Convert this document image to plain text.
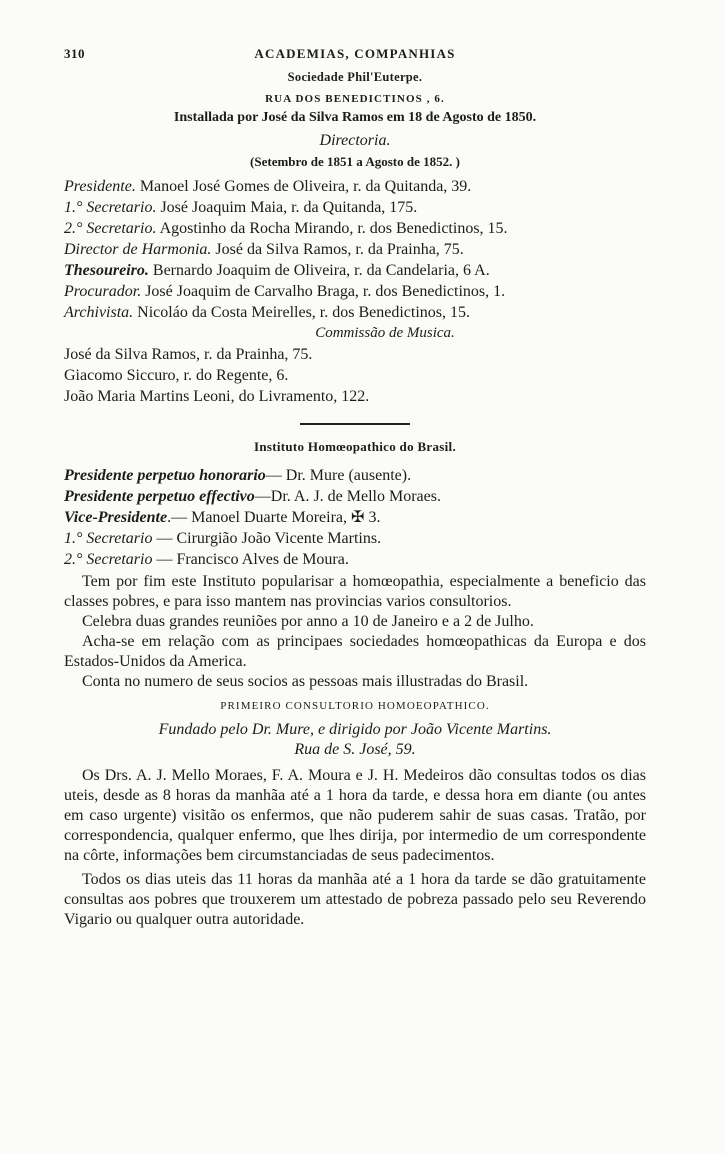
310	ACADEMIAS, COMPANHIAS
Sociedade Phil'Euterpe.
RUA DOS BENEDICTINOS , 6.
Installada por José da Silva Ramos em 18 de Agosto de 1850.
Directoria.
(Setembro de 1851 a Agosto de 1852. )
Presidente. Manoel José Gomes de Oliveira, r. da Quitanda, 39.
1.° Secretario. José Joaquim Maia, r. da Quitanda, 175.
2.° Secretario. Agostinho da Rocha Mirando, r. dos Benedictinos, 15.
Director de Harmonia. José da Silva Ramos, r. da Prainha, 75.
Thesoureiro. Bernardo Joaquim de Oliveira, r. da Candelaria, 6 A.
Procurador. José Joaquim de Carvalho Braga, r. dos Benedictinos, 1.
Archivista. Nicoláo da Costa Meirelles, r. dos Benedictinos, 15.
Commissão de Musica.
José da Silva Ramos, r. da Prainha, 75.
Giacomo Siccuro, r. do Regente, 6.
João Maria Martins Leoni, do Livramento, 122.
Instituto Homœopathico do Brasil.
Presidente perpetuo honorario— Dr. Mure (ausente).
Presidente perpetuo effectivo—Dr. A. J. de Mello Moraes.
Vice-Presidente.— Manoel Duarte Moreira, ✠ 3.
1.° Secretario — Cirurgião João Vicente Martins.
2.° Secretario — Francisco Alves de Moura.

Tem por fim este Instituto popularisar a homœopathia, especialmente a beneficio das classes pobres, e para isso mantem nas provincias varios consultorios.

Celebra duas grandes reuniões por anno a 10 de Janeiro e a 2 de Julho.

Acha-se em relação com as principaes sociedades homœopathicas da Europa e dos Estados-Unidos da America.

Conta no numero de seus socios as pessoas mais illustradas do Brasil.

PRIMEIRO CONSULTORIO HOMOEOPATHICO.
Fundado pelo Dr. Mure, e dirigido por João Vicente Martins.
Rua de S. José, 59.

Os Drs. A. J. Mello Moraes, F. A. Moura e J. H. Medeiros dão consultas todos os dias uteis, desde as 8 horas da manhãa até a 1 hora da tarde, e dessa hora em diante (ou antes em caso urgente) visitão os enfermos, que não puderem sahir de suas casas. Tratão, por correspondencia, qualquer enfermo, que lhes dirija, por intermedio de um correspondente na côrte, informações bem circumstanciadas de seus padecimentos.

Todos os dias uteis das 11 horas da manhãa até a 1 hora da tarde se dão gratuitamente consultas aos pobres que trouxerem um attestado de pobreza passado pelo seu Reverendo Vigario ou qualquer outra autoridade.
